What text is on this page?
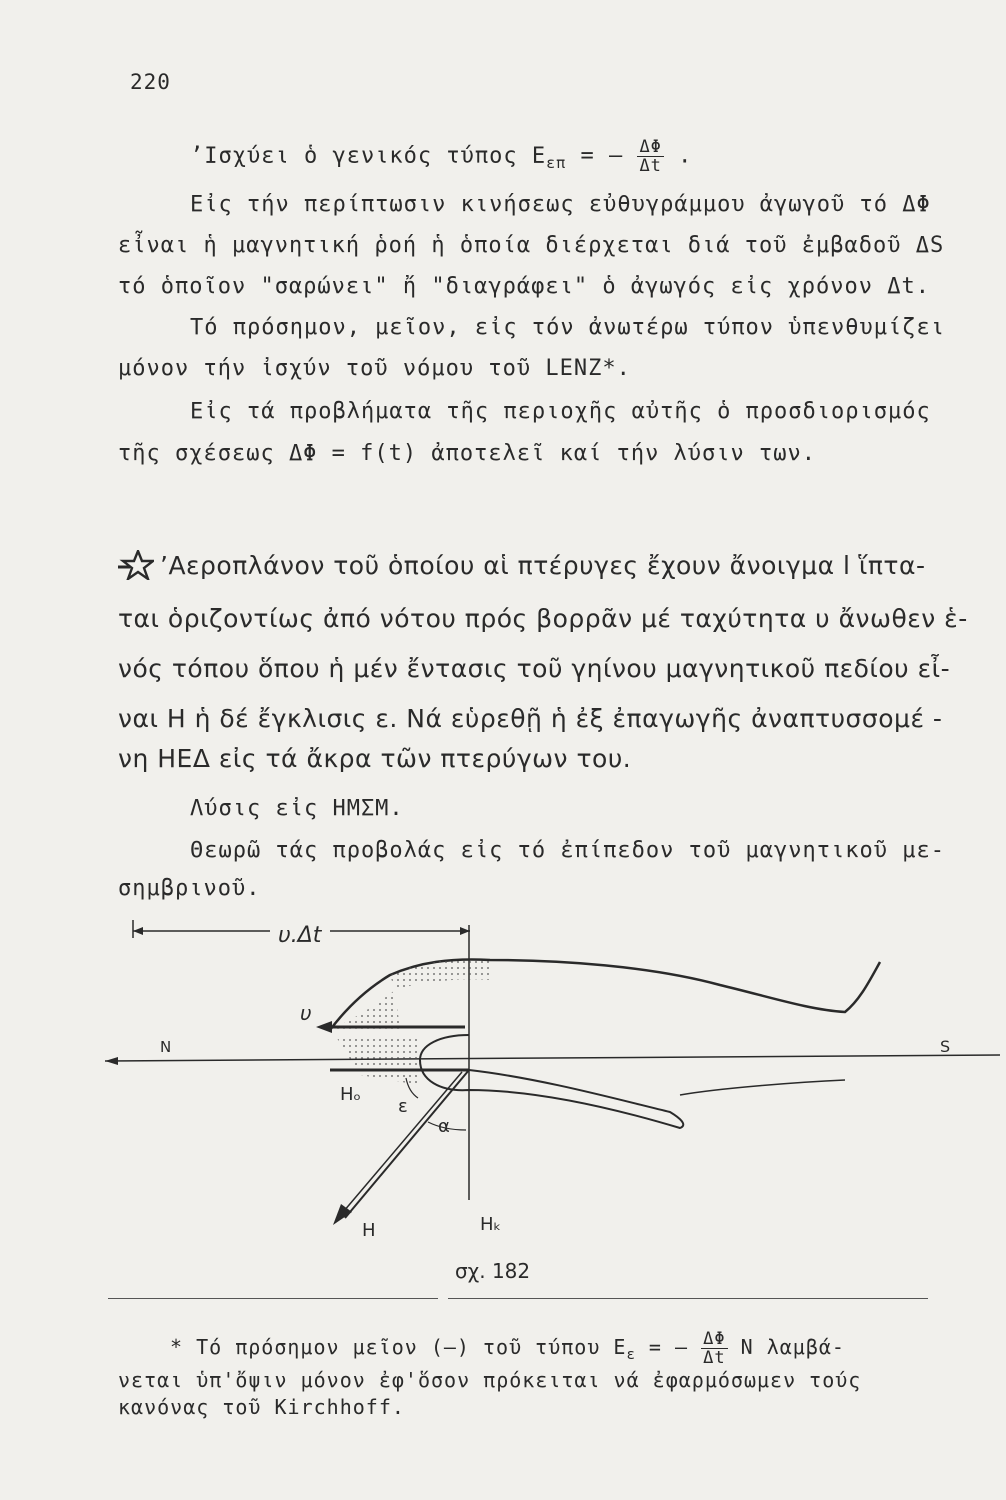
220
’Ισχύει ὁ γενικός τύπος $E_{\varepsilon\pi}$ = – $\frac{\Delta\Phi}{\Delta t}$ .
Εἰς τήν περίπτωσιν κινήσεως εὐθυγράμμου ἀγωγοῦ τό ΔΦ
εἶναι ἡ μαγνητική ῥοή ἡ ὁποία διέρχεται διά τοῦ ἐμβαδοῦ ΔS
τό ὁποῖον "σαρώνει" ἤ "διαγράφει" ὁ ἀγωγός εἰς χρόνον Δt.
Τό πρόσημον, μεῖον, εἰς τόν ἀνωτέρω τύπον ὑπενθυμίζει
μόνον τήν ἰσχύν τοῦ νόμου τοῦ LENZ*.
Εἰς τά προβλήματα τῆς περιοχῆς αὐτῆς ὁ προσδιορισμός
τῆς σχέσεως ΔΦ = f(t) ἀποτελεῖ καί τήν λύσιν των.
’Αεροπλάνον τοῦ ὁποίου αἱ πτέρυγες ἔχουν ἄνοιγμα l ἵπτα-
ται ὁριζοντίως ἀπό νότου πρός βορρᾶν μέ ταχύτητα υ ἄνωθεν ἑ-
νός τόπου ὅπου ἡ μέν ἔντασις τοῦ γηίνου μαγνητικοῦ πεδίου εἶ-
ναι Η ἡ δέ ἔγκλισις ε. Νά εὑρεθῇ ἡ ἐξ ἐπαγωγῆς ἀναπτυσσομέ -
νη ΗΕΔ εἰς τά ἄκρα τῶν πτερύγων του.
Λύσις εἰς ΗΜΣΜ.
Θεωρῶ τάς προβολάς εἰς τό ἐπίπεδον τοῦ μαγνητικοῦ με-
σημβρινοῦ.
υ.Δt
N	S
υ
Hₒ
H	Hₖ
ε
α
σχ. 182
* Τό πρόσημον μεῖον (–) τοῦ τύπου $E_\varepsilon$ = – $\frac{\Delta\Phi}{\Delta t}$ Ν λαμβά-
νεται ὑπ'ὄψιν μόνον ἐφ'ὅσον πρόκειται νά ἐφαρμόσωμεν τούς
κανόνας τοῦ Kirchhoff.
